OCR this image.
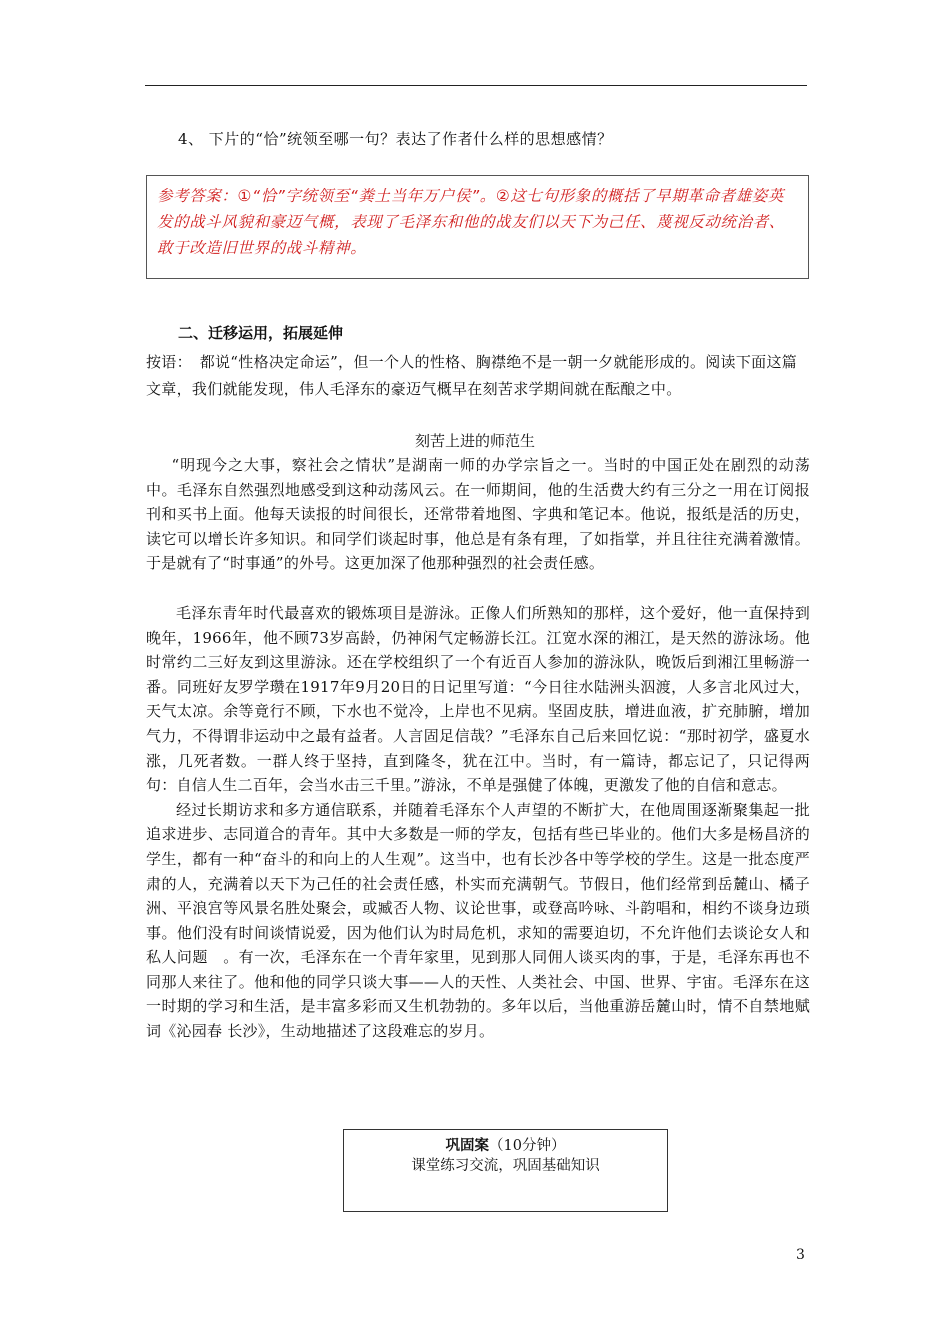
4、 下片的“恰”统领至哪一句？表达了作者什么样的思想感情？
参考答案：①“恰”字统领至“粪土当年万户侯”。②这七句形象的概括了早期革命者雄姿英发的战斗风貌和豪迈气概，表现了毛泽东和他的战友们以天下为己任、蔑视反动统治者、敢于改造旧世界的战斗精神。
二、迁移运用，拓展延伸
按语：　都说“性格决定命运”，但一个人的性格、胸襟绝不是一朝一夕就能形成的。阅读下面这篇文章，我们就能发现，伟人毛泽东的豪迈气概早在刻苦求学期间就在酝酿之中。
刻苦上进的师范生

“明现今之大事，察社会之情状”是湖南一师的办学宗旨之一。当时的中国正处在剧烈的动荡中。毛泽东自然强烈地感受到这种动荡风云。在一师期间，他的生活费大约有三分之一用在订阅报刊和买书上面。他每天读报的时间很长，还常带着地图、字典和笔记本。他说，报纸是活的历史，读它可以增长许多知识。和同学们谈起时事，他总是有条有理，了如指掌，并且往往充满着激情。于是就有了“时事通”的外号。这更加深了他那种强烈的社会责任感。

毛泽东青年时代最喜欢的锻炼项目是游泳。正像人们所熟知的那样，这个爱好，他一直保持到晚年，1966年，他不顾73岁高龄，仍神闲气定畅游长江。江宽水深的湘江，是天然的游泳场。他时常约二三好友到这里游泳。还在学校组织了一个有近百人参加的游泳队，晚饭后到湘江里畅游一番。同班好友罗学瓒在1917年9月20日的日记里写道：“今日往水陆洲头泅渡，人多言北风过大，天气太凉。余等竟行不顾，下水也不觉冷，上岸也不见病。坚固皮肤，增进血液，扩充肺腑，增加气力，不得谓非运动中之最有益者。人言固足信哉？”毛泽东自己后来回忆说：“那时初学，盛夏水涨，几死者数。一群人终于坚持，直到隆冬，犹在江中。当时，有一篇诗，都忘记了，只记得两句：自信人生二百年，会当水击三千里。”游泳，不单是强健了体魄，更激发了他的自信和意志。

经过长期访求和多方通信联系，并随着毛泽东个人声望的不断扩大，在他周围逐渐聚集起一批追求进步、志同道合的青年。其中大多数是一师的学友，包括有些已毕业的。他们大多是杨昌济的学生，都有一种“奋斗的和向上的人生观”。这当中，也有长沙各中等学校的学生。这是一批态度严肃的人，充满着以天下为己任的社会责任感，朴实而充满朝气。节假日，他们经常到岳麓山、橘子洲、平浪宫等风景名胜处聚会，或臧否人物、议论世事，或登高吟咏、斗韵唱和，相约不谈身边琐事。他们没有时间谈情说爱，因为他们认为时局危机，求知的需要迫切，不允许他们去谈论女人和私人问题　。有一次，毛泽东在一个青年家里，见到那人同佣人谈买肉的事，于是，毛泽东再也不同那人来往了。他和他的同学只谈大事——人的天性、人类社会、中国、世界、宇宙。毛泽东在这一时期的学习和生活，是丰富多彩而又生机勃勃的。多年以后，当他重游岳麓山时，情不自禁地赋词《沁园春 长沙》，生动地描述了这段难忘的岁月。

巩固案（10分钟）
课堂练习交流，巩固基础知识
3
